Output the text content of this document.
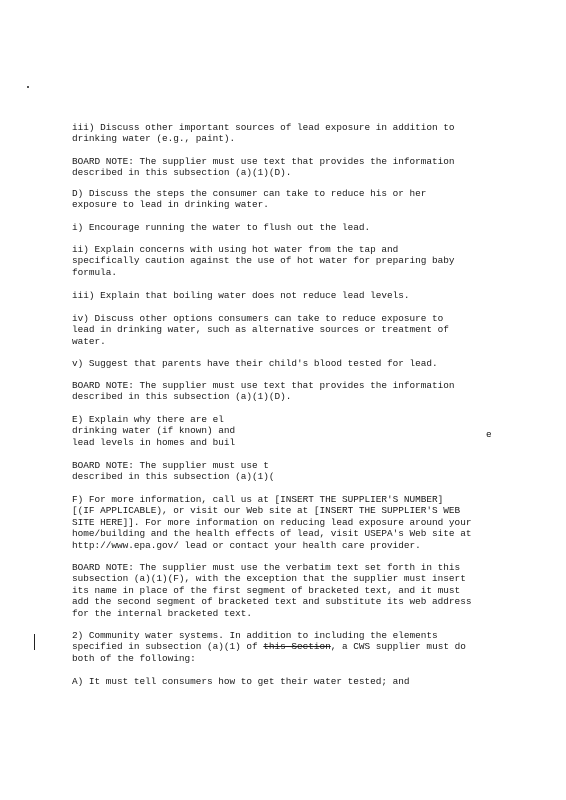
iii) Discuss other important sources of lead exposure in addition to
drinking water (e.g., paint).
BOARD NOTE: The supplier must use text that provides the information
described in this subsection (a)(1)(D).
D) Discuss the steps the consumer can take to reduce his or her
exposure to lead in drinking water.
i) Encourage running the water to flush out the lead.
ii) Explain concerns with using hot water from the tap and
specifically caution against the use of hot water for preparing baby
formula.
iii) Explain that boiling water does not reduce lead levels.
iv) Discuss other options consumers can take to reduce exposure to
lead in drinking water, such as alternative sources or treatment of
water.
v) Suggest that parents have their child's blood tested for lead.
BOARD NOTE: The supplier must use text that provides the information
described in this subsection (a)(1)(D).
E) Explain why there are el
drinking water (if known) and
lead levels in homes and buil
e
BOARD NOTE: The supplier must use t
described in this subsection (a)(1)(
F) For more information, call us at [INSERT THE SUPPLIER'S NUMBER]
[(IF APPLICABLE), or visit our Web site at [INSERT THE SUPPLIER'S WEB
SITE HERE]]. For more information on reducing lead exposure around your
home/building and the health effects of lead, visit USEPA's Web site at
http://www.epa.gov/ lead or contact your health care provider.
BOARD NOTE: The supplier must use the verbatim text set forth in this
subsection (a)(1)(F), with the exception that the supplier must insert
its name in place of the first segment of bracketed text, and it must
add the second segment of bracketed text and substitute its web address
for the internal bracketed text.
2) Community water systems. In addition to including the elements
specified in subsection (a)(1) of this Section, a CWS supplier must do
both of the following:
A) It must tell consumers how to get their water tested; and
